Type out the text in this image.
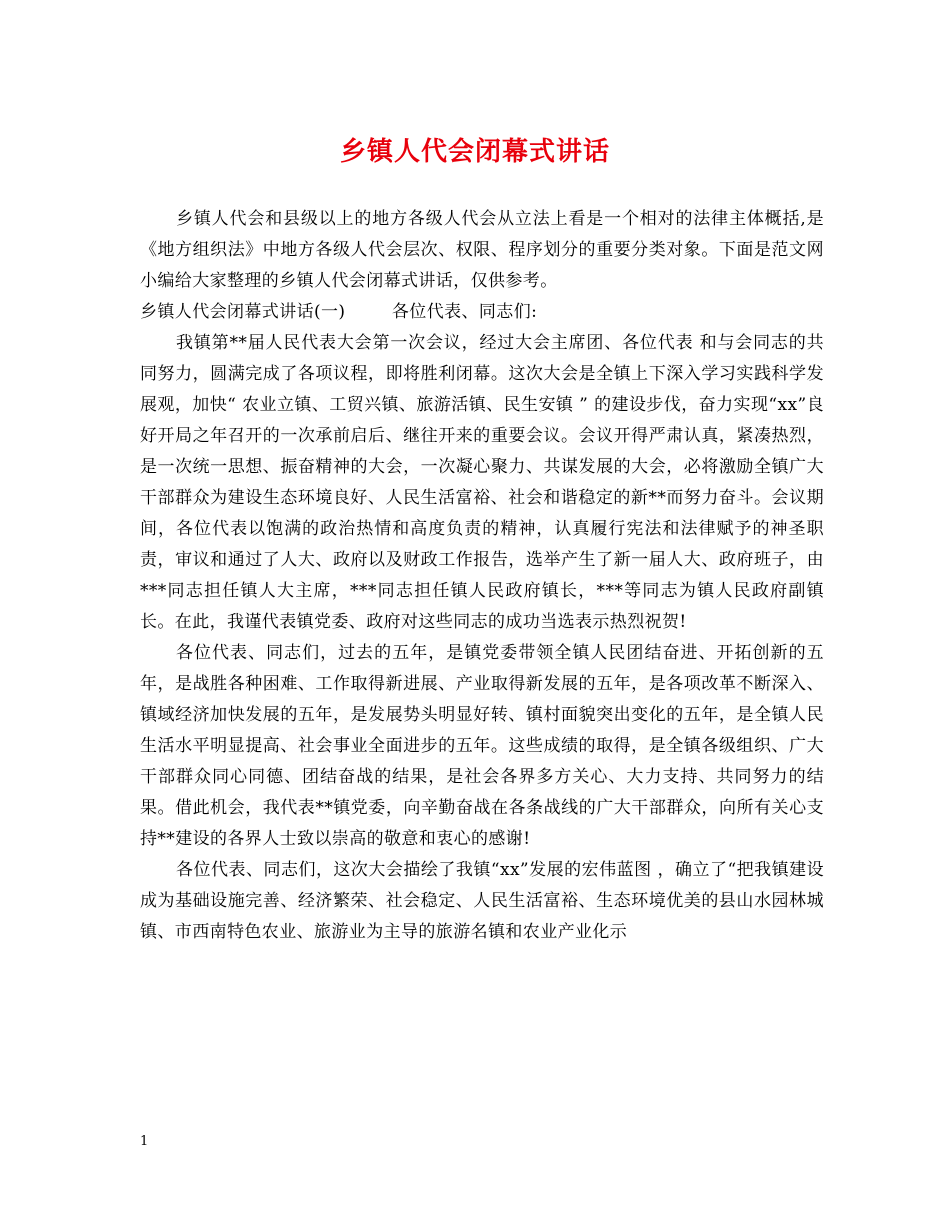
乡镇人代会闭幕式讲话

乡镇人代会和县级以上的地方各级人代会从立法上看是一个相对的法律主体概括,是《地方组织法》中地方各级人代会层次、权限、程序划分的重要分类对象。下面是范文网小编给大家整理的乡镇人代会闭幕式讲话，仅供参考。

乡镇人代会闭幕式讲话(一)        各位代表、同志们:

我镇第**届人民代表大会第一次会议，经过大会主席团、各位代表 和与会同志的共同努力，圆满完成了各项议程，即将胜利闭幕。这次大会是全镇上下深入学习实践科学发展观，加快“ 农业立镇、工贸兴镇、旅游活镇、民生安镇 ” 的建设步伐，奋力实现“xx”良好开局之年召开的一次承前启后、继往开来的重要会议。会议开得严肃认真，紧凑热烈，是一次统一思想、振奋精神的大会，一次凝心聚力、共谋发展的大会，必将激励全镇广大干部群众为建设生态环境良好、人民生活富裕、社会和谐稳定的新**而努力奋斗。会议期间，各位代表以饱满的政治热情和高度负责的精神，认真履行宪法和法律赋予的神圣职责，审议和通过了人大、政府以及财政工作报告，选举产生了新一届人大、政府班子，由***同志担任镇人大主席，***同志担任镇人民政府镇长，***等同志为镇人民政府副镇长。在此，我谨代表镇党委、政府对这些同志的成功当选表示热烈祝贺!

各位代表、同志们，过去的五年，是镇党委带领全镇人民团结奋进、开拓创新的五年，是战胜各种困难、工作取得新进展、产业取得新发展的五年，是各项改革不断深入、镇域经济加快发展的五年，是发展势头明显好转、镇村面貌突出变化的五年，是全镇人民生活水平明显提高、社会事业全面进步的五年。这些成绩的取得，是全镇各级组织、广大干部群众同心同德、团结奋战的结果，是社会各界多方关心、大力支持、共同努力的结果。借此机会，我代表**镇党委，向辛勤奋战在各条战线的广大干部群众，向所有关心支持**建设的各界人士致以崇高的敬意和衷心的感谢!

各位代表、同志们，这次大会描绘了我镇“xx”发展的宏伟蓝图 ，确立了“把我镇建设成为基础设施完善、经济繁荣、社会稳定、人民生活富裕、生态环境优美的县山水园林城镇、市西南特色农业、旅游业为主导的旅游名镇和农业产业化示

1
